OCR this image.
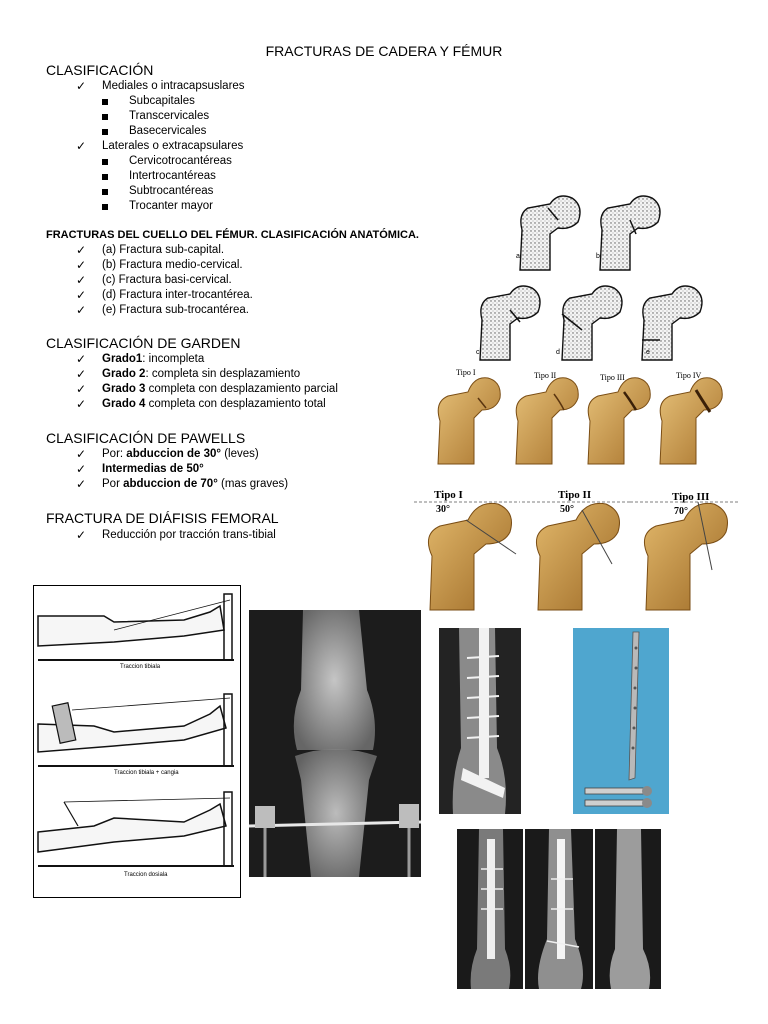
FRACTURAS DE CADERA Y FÉMUR
CLASIFICACIÓN
✓ Mediales o intracapsuslares
Subcapitales
Transcervicales
Basecervicales
✓ Laterales o extracapsulares
Cervicotrocantéreas
Intertrocantéreas
Subtrocantéreas
Trocanter mayor
FRACTURAS DEL CUELLO DEL FÉMUR. CLASIFICACIÓN ANATÓMICA.
✓ (a) Fractura sub-capital.
✓ (b) Fractura medio-cervical.
✓ (c) Fractura basi-cervical.
✓ (d) Fractura inter-trocantérea.
✓ (e) Fractura sub-trocantérea.
CLASIFICACIÓN DE GARDEN
✓ Grado1: incompleta
✓ Grado 2: completa sin desplazamiento
✓ Grado 3 completa con desplazamiento parcial
✓ Grado 4 completa con desplazamiento total
CLASIFICACIÓN DE PAWELLS
✓ Por: abduccion de 30° (leves)
✓ Intermedias de 50°
✓ Por abduccion de 70° (mas graves)
FRACTURA DE DIÁFISIS FEMORAL
✓ Reducción por tracción trans-tibial
a	b
c	d	e
Tipo I	Tipo II	Tipo III	Tipo IV
Tipo I	Tipo II	Tipo III
30°	50°	70°
Traccion tibiala
Traccion tibiala + cangia
Traccion dosiala
